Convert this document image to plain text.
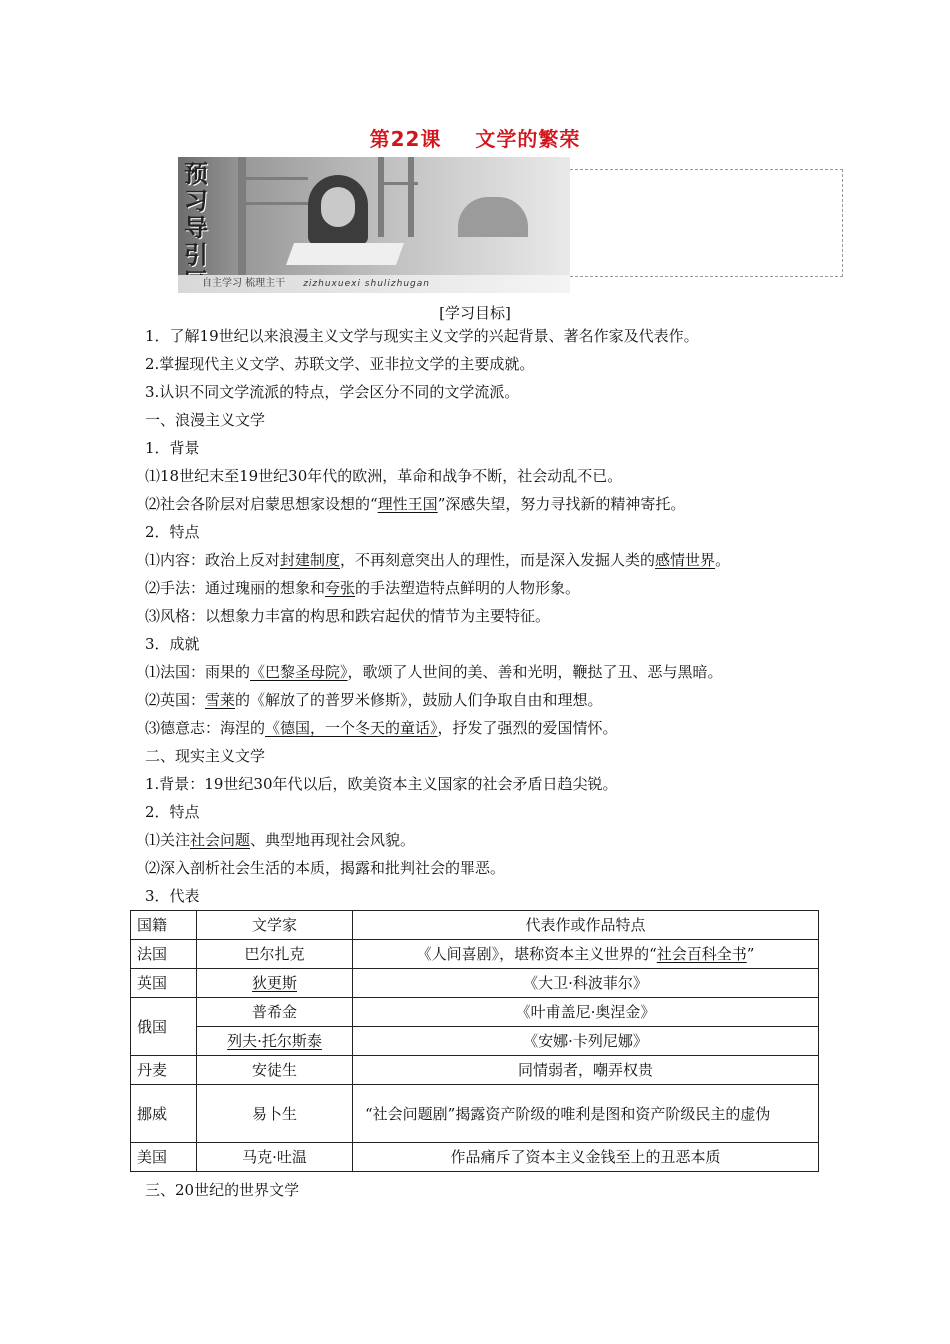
第22课 文学的繁荣
预
习
导
引
自主学习 梳理主干 zizhuxuexi shulizhugan
[学习目标]
1．了解19世纪以来浪漫主义文学与现实主义文学的兴起背景、著名作家及代表作。
2.掌握现代主义文学、苏联文学、亚非拉文学的主要成就。
3.认识不同文学流派的特点，学会区分不同的文学流派。
一、浪漫主义文学
1．背景
⑴18世纪末至19世纪30年代的欧洲，革命和战争不断，社会动乱不已。
⑵社会各阶层对启蒙思想家设想的“理性王国”深感失望，努力寻找新的精神寄托。
2．特点
⑴内容：政治上反对封建制度，不再刻意突出人的理性，而是深入发掘人类的感情世界。
⑵手法：通过瑰丽的想象和夸张的手法塑造特点鲜明的人物形象。
⑶风格：以想象力丰富的构思和跌宕起伏的情节为主要特征。
3．成就
⑴法国：雨果的《巴黎圣母院》，歌颂了人世间的美、善和光明，鞭挞了丑、恶与黑暗。
⑵英国：雪莱的《解放了的普罗米修斯》，鼓励人们争取自由和理想。
⑶德意志：海涅的《德国，一个冬天的童话》，抒发了强烈的爱国情怀。
二、现实主义文学
1.背景：19世纪30年代以后，欧美资本主义国家的社会矛盾日趋尖锐。
2．特点
⑴关注社会问题、典型地再现社会风貌。
⑵深入剖析社会生活的本质，揭露和批判社会的罪恶。
3．代表
国籍	文学家	代表作或作品特点
法国	巴尔扎克	《人间喜剧》，堪称资本主义世界的“社会百科全书”
英国	狄更斯	《大卫·科波菲尔》
俄国	普希金	《叶甫盖尼·奥涅金》
	列夫·托尔斯泰	《安娜·卡列尼娜》
丹麦	安徒生	同情弱者，嘲弄权贵
挪威	易卜生	“社会问题剧”揭露资产阶级的唯利是图和资产阶级民主的虚伪
美国	马克·吐温	作品痛斥了资本主义金钱至上的丑恶本质
三、20世纪的世界文学
